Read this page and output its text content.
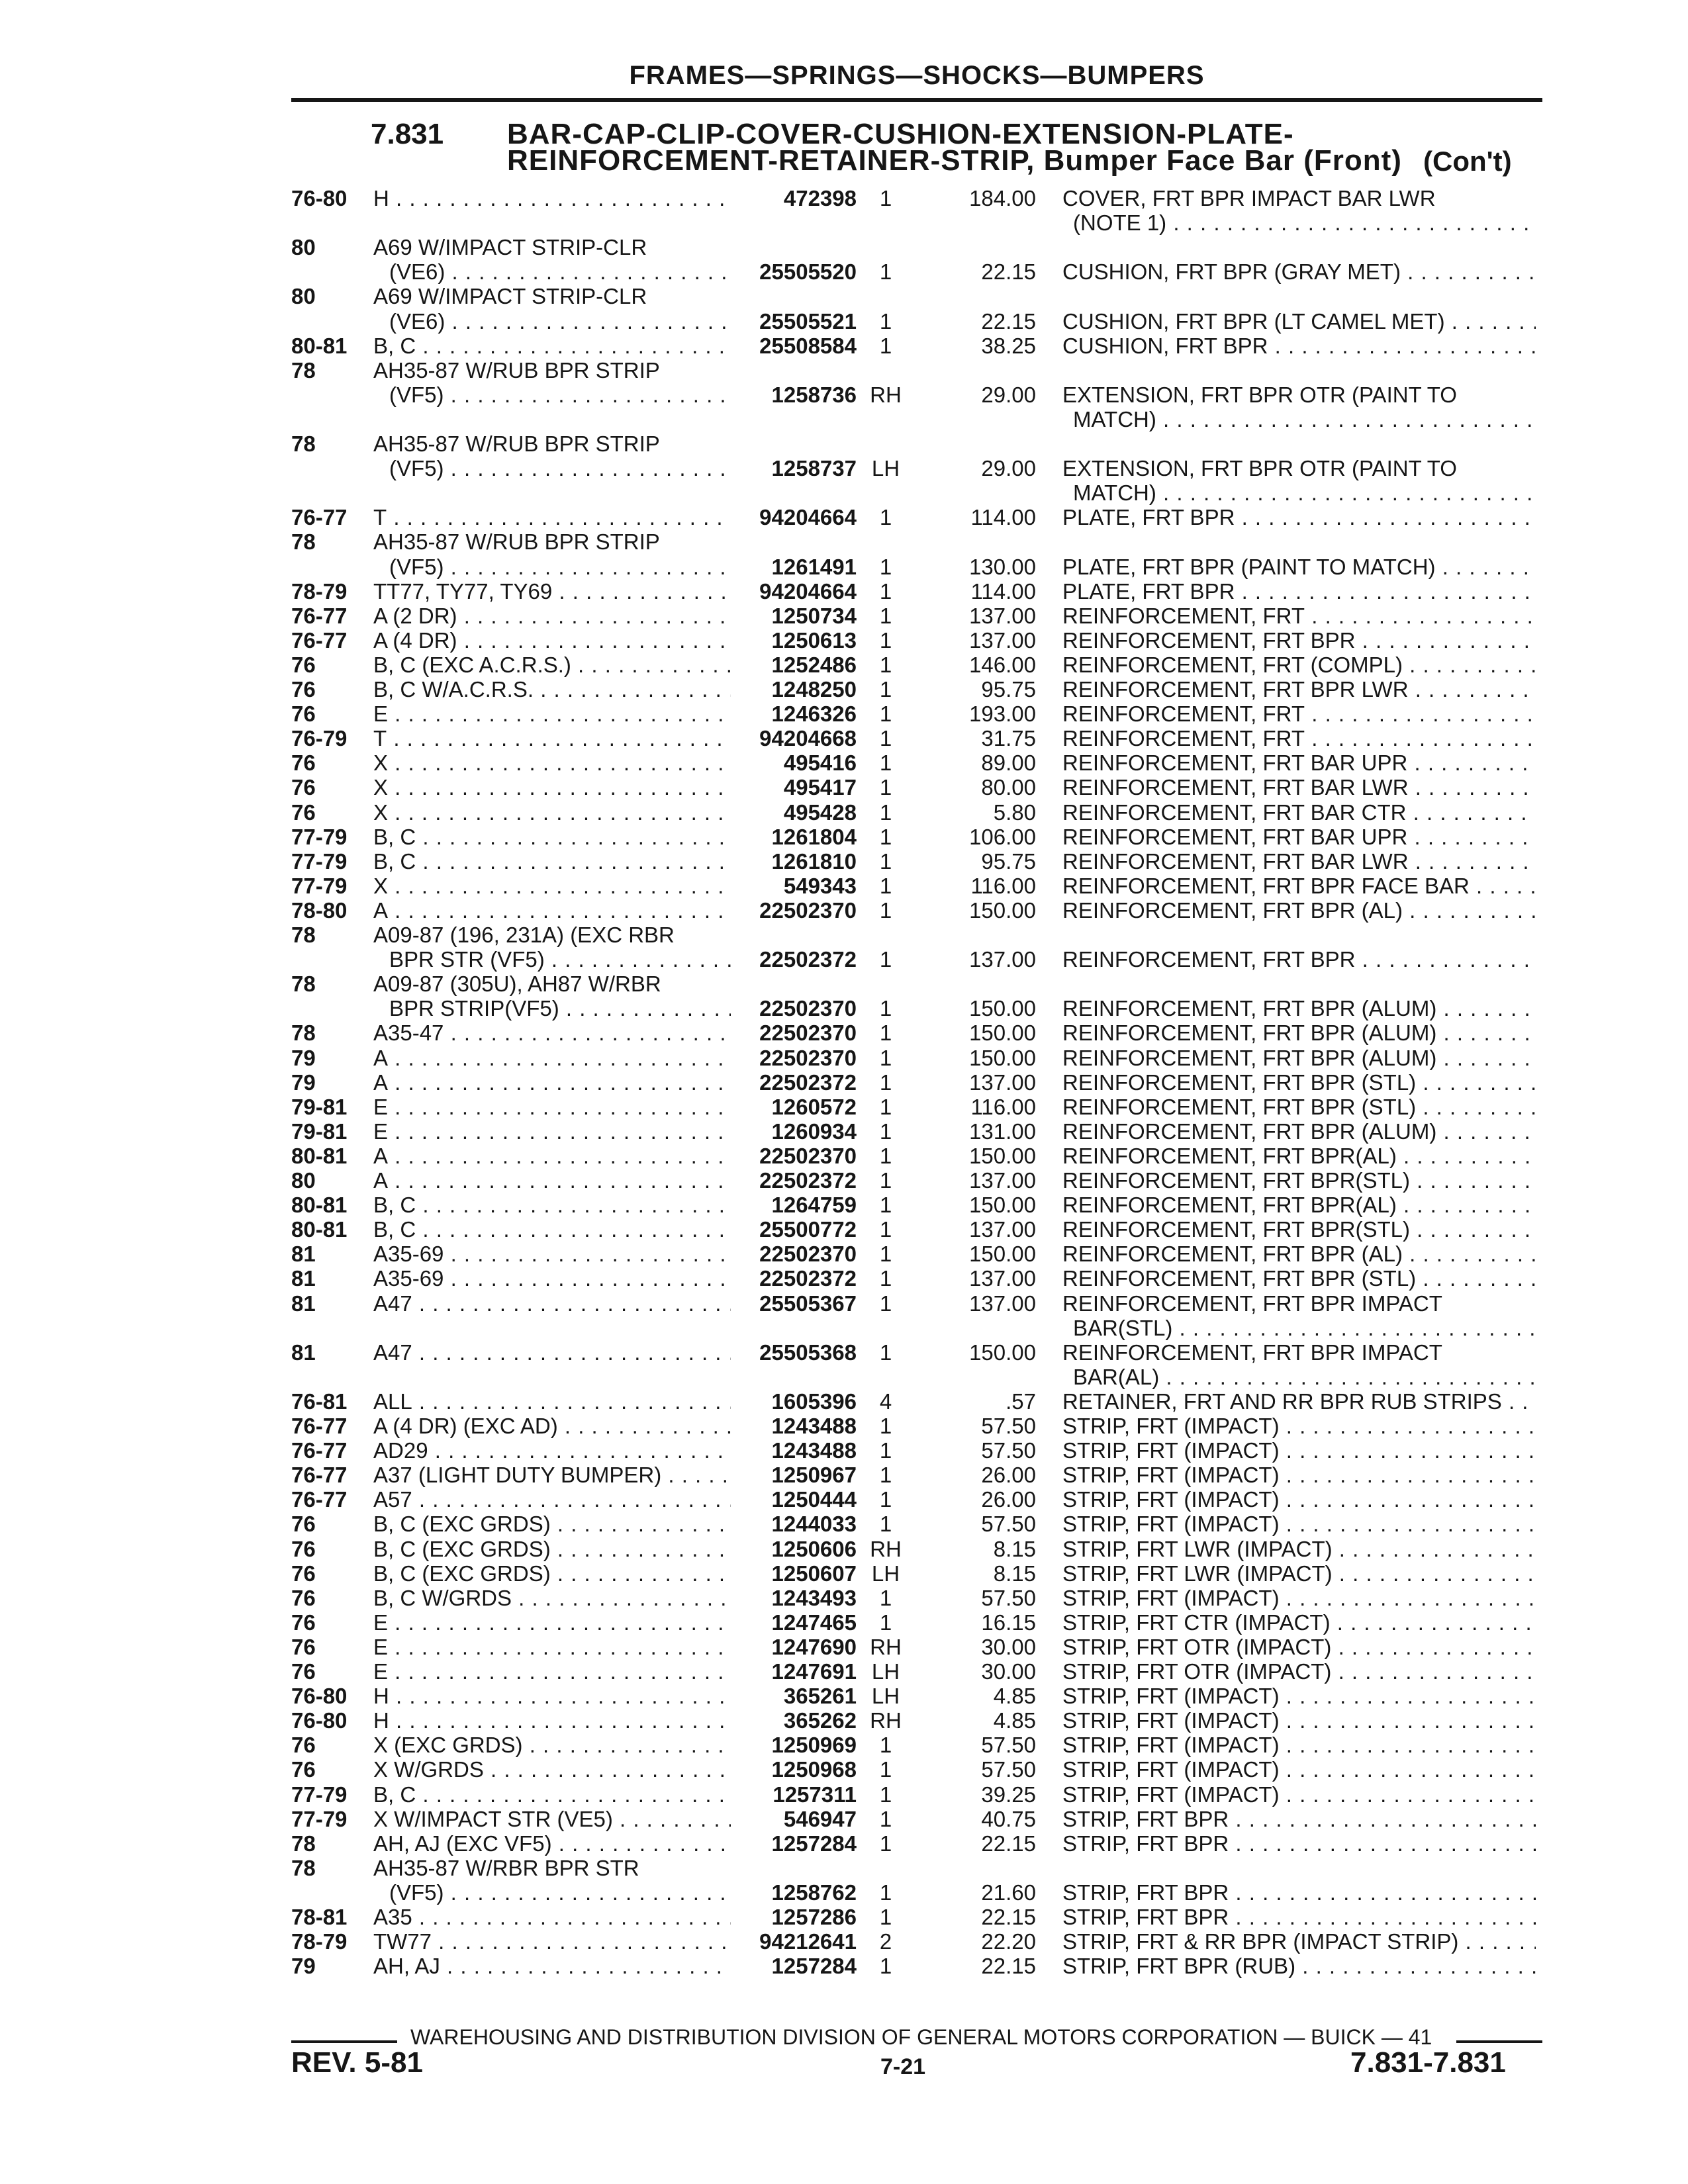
FRAMES—SPRINGS—SHOCKS—BUMPERS
7.831 BAR-CAP-CLIP-COVER-CUSHION-EXTENSION-PLATE-
REINFORCEMENT-RETAINER-STRIP, Bumper Face Bar (Front) (Con't)
76-80	H . . .	472398	1	184.00 COVER, FRT BPR IMPACT BAR LWR
(NOTE 1) . . .
80	A69 W/IMPACT STRIP-CLR
(VE6) . . .	25505520	1	22.15 CUSHION, FRT BPR (GRAY MET) . . .
80	A69 W/IMPACT STRIP-CLR
(VE6) . . .	25505521	1	22.15 CUSHION, FRT BPR (LT CAMEL MET) . . .
80-81	B, C . . .	25508584	1	38.25 CUSHION, FRT BPR . . .
78	AH35-87 W/RUB BPR STRIP
(VF5) . . .	1258736 RH	29.00 EXTENSION, FRT BPR OTR (PAINT TO
MATCH) . . .
78	AH35-87 W/RUB BPR STRIP
(VF5) . . .	1258737 LH	29.00 EXTENSION, FRT BPR OTR (PAINT TO
MATCH) . . .
76-77	T . . .	94204664	1	114.00 PLATE, FRT BPR . . .
78	AH35-87 W/RUB BPR STRIP
(VF5) . . .	1261491	1	130.00 PLATE, FRT BPR (PAINT TO MATCH) . . .
78-79	TT77, TY77, TY69 . . .	94204664	1	114.00 PLATE, FRT BPR . . .
76-77	A (2 DR) . . .	1250734	1	137.00 REINFORCEMENT, FRT . . .
76-77	A (4 DR) . . .	1250613	1	137.00 REINFORCEMENT, FRT BPR . . .
76	B, C (EXC A.C.R.S.) . . .	1252486	1	146.00 REINFORCEMENT, FRT (COMPL) . . .
76	B, C W/A.C.R.S. . . .	1248250	1	95.75 REINFORCEMENT, FRT BPR LWR . . .
76	E . . .	1246326	1	193.00 REINFORCEMENT, FRT . . .
76-79	T . . .	94204668	1	31.75 REINFORCEMENT, FRT . . .
76	X . . .	495416	1	89.00 REINFORCEMENT, FRT BAR UPR . . .
76	X . . .	495417	1	80.00 REINFORCEMENT, FRT BAR LWR . . .
76	X . . .	495428	1	5.80 REINFORCEMENT, FRT BAR CTR . . .
77-79	B, C . . .	1261804	1	106.00 REINFORCEMENT, FRT BAR UPR . . .
77-79	B, C . . .	1261810	1	95.75 REINFORCEMENT, FRT BAR LWR . . .
77-79	X . . .	549343	1	116.00 REINFORCEMENT, FRT BPR FACE BAR . . .
78-80	A . . .	22502370	1	150.00 REINFORCEMENT, FRT BPR (AL) . . .
78	A09-87 (196, 231A) (EXC RBR
BPR STR (VF5) . . .	22502372	1	137.00 REINFORCEMENT, FRT BPR . . .
78	A09-87 (305U), AH87 W/RBR
BPR STRIP(VF5) . . .	22502370	1	150.00 REINFORCEMENT, FRT BPR (ALUM) . . .
78	A35-47 . . .	22502370	1	150.00 REINFORCEMENT, FRT BPR (ALUM) . . .
79	A . . .	22502370	1	150.00 REINFORCEMENT, FRT BPR (ALUM) . . .
79	A . . .	22502372	1	137.00 REINFORCEMENT, FRT BPR (STL) . . .
79-81	E . . .	1260572	1	116.00 REINFORCEMENT, FRT BPR (STL) . . .
79-81	E . . .	1260934	1	131.00 REINFORCEMENT, FRT BPR (ALUM) . . .
80-81	A . . .	22502370	1	150.00 REINFORCEMENT, FRT BPR(AL) . . .
80	A . . .	22502372	1	137.00 REINFORCEMENT, FRT BPR(STL) . . .
80-81	B, C . . .	1264759	1	150.00 REINFORCEMENT, FRT BPR(AL) . . .
80-81	B, C . . .	25500772	1	137.00 REINFORCEMENT, FRT BPR(STL) . . .
81	A35-69 . . .	22502370	1	150.00 REINFORCEMENT, FRT BPR (AL) . . .
81	A35-69 . . .	22502372	1	137.00 REINFORCEMENT, FRT BPR (STL) . . .
81	A47 . . .	25505367	1	137.00 REINFORCEMENT, FRT BPR IMPACT
BAR(STL) . . .
81	A47 . . .	25505368	1	150.00 REINFORCEMENT, FRT BPR IMPACT
BAR(AL) . . .
76-81	ALL . . .	1605396	4	.57 RETAINER, FRT AND RR BPR RUB STRIPS . . .
76-77	A (4 DR) (EXC AD) . . .	1243488	1	57.50 STRIP, FRT (IMPACT) . . .
76-77	AD29 . . .	1243488	1	57.50 STRIP, FRT (IMPACT) . . .
76-77	A37 (LIGHT DUTY BUMPER) . . .	1250967	1	26.00 STRIP, FRT (IMPACT) . . .
76-77	A57 . . .	1250444	1	26.00 STRIP, FRT (IMPACT) . . .
76	B, C (EXC GRDS) . . .	1244033	1	57.50 STRIP, FRT (IMPACT) . . .
76	B, C (EXC GRDS) . . .	1250606 RH	8.15 STRIP, FRT LWR (IMPACT) . . .
76	B, C (EXC GRDS) . . .	1250607 LH	8.15 STRIP, FRT LWR (IMPACT) . . .
76	B, C W/GRDS . . .	1243493	1	57.50 STRIP, FRT (IMPACT) . . .
76	E . . .	1247465	1	16.15 STRIP, FRT CTR (IMPACT) . . .
76	E . . .	1247690 RH	30.00 STRIP, FRT OTR (IMPACT) . . .
76	E . . .	1247691 LH	30.00 STRIP, FRT OTR (IMPACT) . . .
76-80	H . . .	365261 LH	4.85 STRIP, FRT (IMPACT) . . .
76-80	H . . .	365262 RH	4.85 STRIP, FRT (IMPACT) . . .
76	X (EXC GRDS) . . .	1250969	1	57.50 STRIP, FRT (IMPACT) . . .
76	X W/GRDS . . .	1250968	1	57.50 STRIP, FRT (IMPACT) . . .
77-79	B, C . . .	1257311	1	39.25 STRIP, FRT (IMPACT) . . .
77-79	X W/IMPACT STR (VE5) . . .	546947	1	40.75 STRIP, FRT BPR . . .
78	AH, AJ (EXC VF5) . . .	1257284	1	22.15 STRIP, FRT BPR . . .
78	AH35-87 W/RBR BPR STR
(VF5) . . .	1258762	1	21.60 STRIP, FRT BPR . . .
78-81	A35 . . .	1257286	1	22.15 STRIP, FRT BPR . . .
78-79	TW77 . . .	94212641	2	22.20 STRIP, FRT & RR BPR (IMPACT STRIP) . . .
79	AH, AJ . . .	1257284	1	22.15 STRIP, FRT BPR (RUB) . . .
WAREHOUSING AND DISTRIBUTION DIVISION OF GENERAL MOTORS CORPORATION — BUICK — 41
REV. 5-81	7-21	7.831-7.831
